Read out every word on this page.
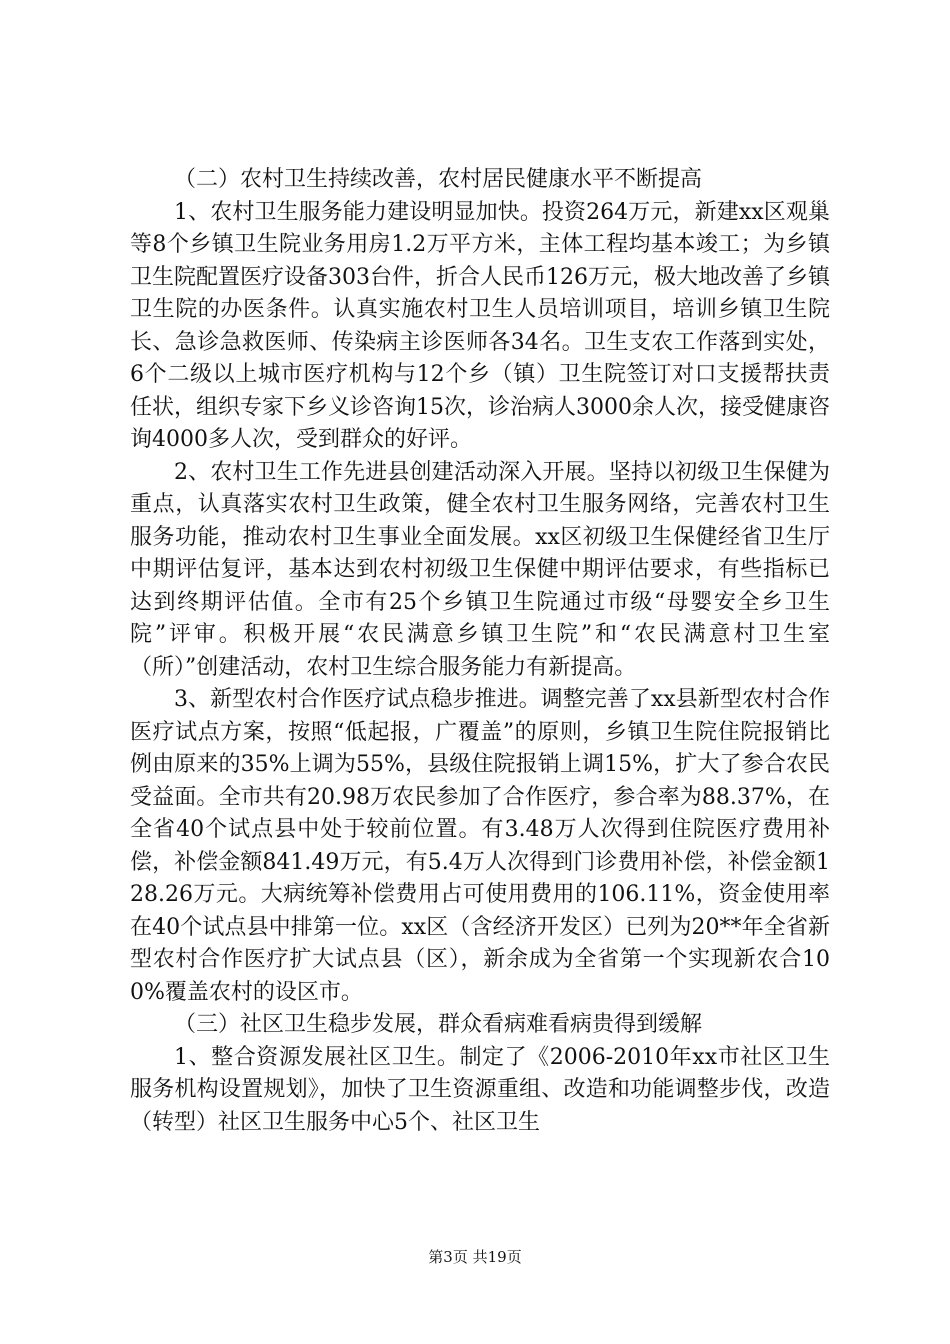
（二）农村卫生持续改善，农村居民健康水平不断提高

1、农村卫生服务能力建设明显加快。投资264万元，新建xx区观巢等8个乡镇卫生院业务用房1.2万平方米，主体工程均基本竣工；为乡镇卫生院配置医疗设备303台件，折合人民币126万元，极大地改善了乡镇卫生院的办医条件。认真实施农村卫生人员培训项目，培训乡镇卫生院长、急诊急救医师、传染病主诊医师各34名。卫生支农工作落到实处，6个二级以上城市医疗机构与12个乡（镇）卫生院签订对口支援帮扶责任状，组织专家下乡义诊咨询15次，诊治病人3000余人次，接受健康咨询4000多人次，受到群众的好评。

2、农村卫生工作先进县创建活动深入开展。坚持以初级卫生保健为重点，认真落实农村卫生政策，健全农村卫生服务网络，完善农村卫生服务功能，推动农村卫生事业全面发展。xx区初级卫生保健经省卫生厅中期评估复评，基本达到农村初级卫生保健中期评估要求，有些指标已达到终期评估值。全市有25个乡镇卫生院通过市级“母婴安全乡卫生院”评审。积极开展“农民满意乡镇卫生院”和“农民满意村卫生室（所）”创建活动，农村卫生综合服务能力有新提高。

3、新型农村合作医疗试点稳步推进。调整完善了xx县新型农村合作医疗试点方案，按照“低起报，广覆盖”的原则，乡镇卫生院住院报销比例由原来的35%上调为55%，县级住院报销上调15%，扩大了参合农民受益面。全市共有20.98万农民参加了合作医疗，参合率为88.37%，在全省40个试点县中处于较前位置。有3.48万人次得到住院医疗费用补偿，补偿金额841.49万元，有5.4万人次得到门诊费用补偿，补偿金额128.26万元。大病统筹补偿费用占可使用费用的106.11%，资金使用率在40个试点县中排第一位。xx区（含经济开发区）已列为20**年全省新型农村合作医疗扩大试点县（区），新余成为全省第一个实现新农合100%覆盖农村的设区市。

（三）社区卫生稳步发展，群众看病难看病贵得到缓解

1、整合资源发展社区卫生。制定了《2006-2010年xx市社区卫生服务机构设置规划》，加快了卫生资源重组、改造和功能调整步伐，改造（转型）社区卫生服务中心5个、社区卫生

第3页 共19页
